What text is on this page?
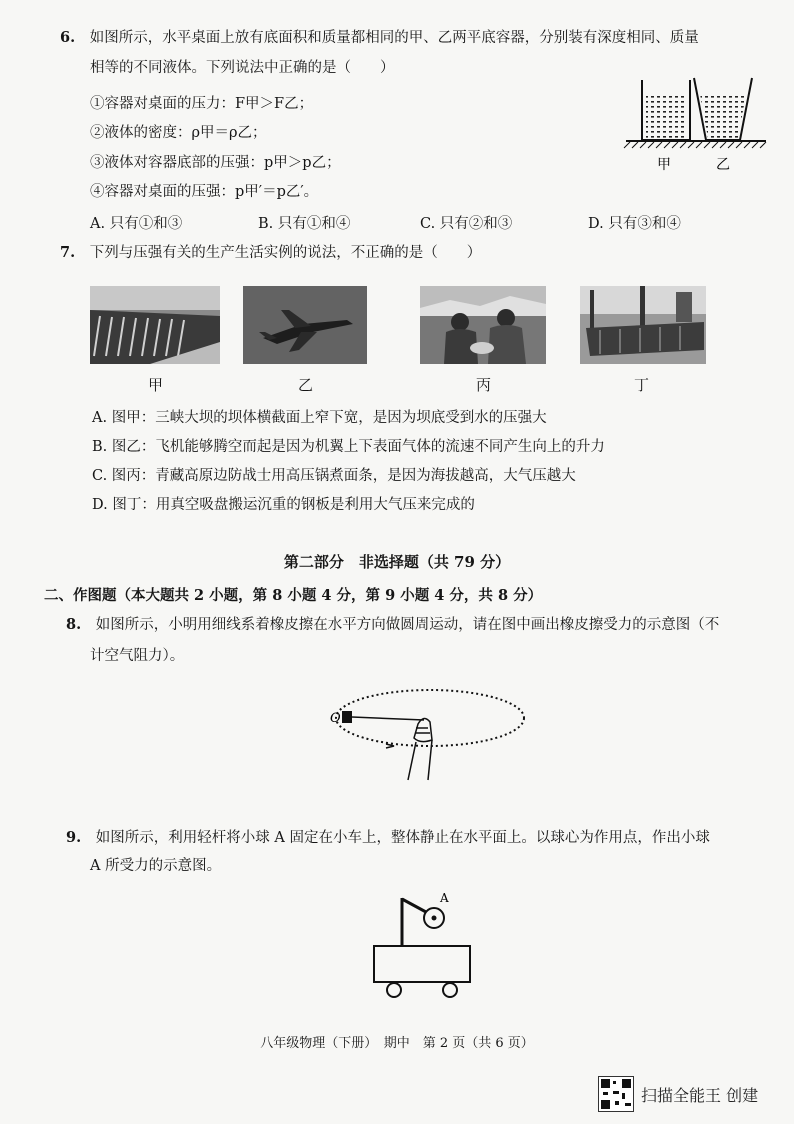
6. 如图所示，水平桌面上放有底面积和质量都相同的甲、乙两平底容器，分别装有深度相同、质量
相等的不同液体。下列说法中正确的是（　　）
①容器对桌面的压力：F甲＞F乙；
②液体的密度：ρ甲＝ρ乙；
③液体对容器底部的压强：p甲＞p乙；
④容器对桌面的压强：p甲′＝p乙′。
A. 只有①和③	B. 只有①和④	C. 只有②和③	D. 只有③和④
甲	乙
7. 下列与压强有关的生产生活实例的说法，不正确的是（　　）
甲	乙	丙	丁
A. 图甲：三峡大坝的坝体横截面上窄下宽，是因为坝底受到水的压强大
B. 图乙：飞机能够腾空而起是因为机翼上下表面气体的流速不同产生向上的升力
C. 图丙：青藏高原边防战士用高压锅煮面条，是因为海拔越高，大气压越大
D. 图丁：用真空吸盘搬运沉重的钢板是利用大气压来完成的
第二部分　非选择题（共 79 分）
二、作图题（本大题共 2 小题，第 8 小题 4 分，第 9 小题 4 分，共 8 分）
8. 如图所示，小明用细线系着橡皮擦在水平方向做圆周运动，请在图中画出橡皮擦受力的示意图（不
计空气阻力）。
O
9. 如图所示，利用轻杆将小球 A 固定在小车上，整体静止在水平面上。以球心为作用点，作出小球
A 所受力的示意图。
A
八年级物理（下册）　期中　第 2 页（共 6 页）
扫描全能王 创建
